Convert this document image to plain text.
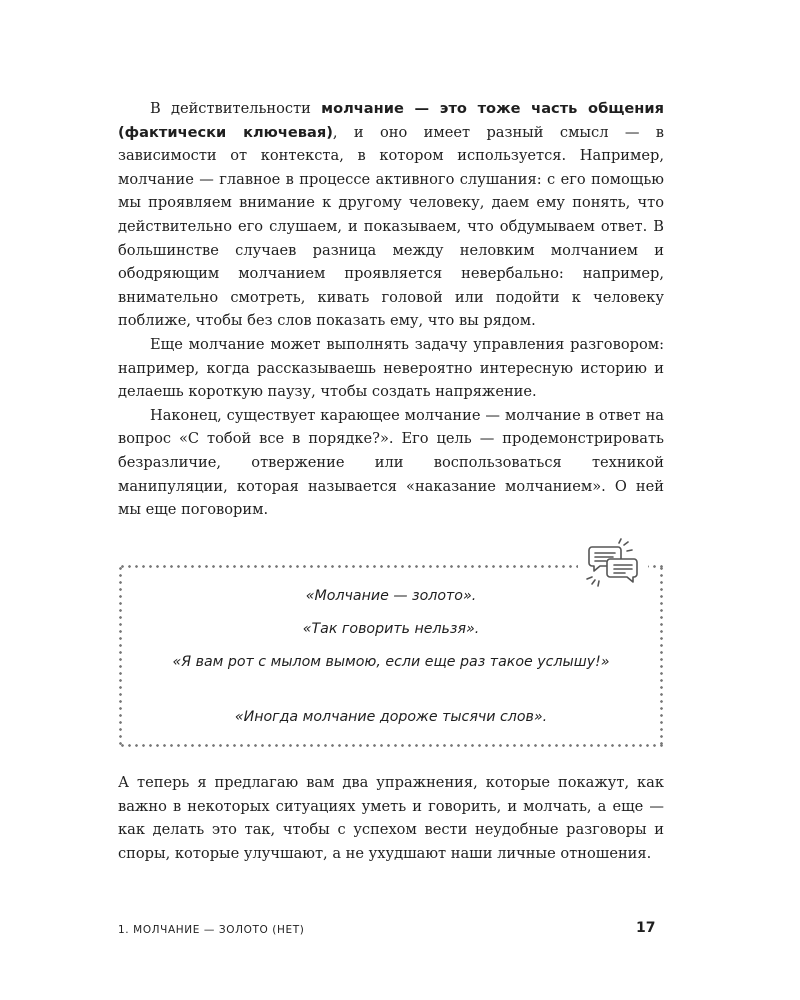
В действительности молчание — это тоже часть общения (фактически ключевая), и оно имеет разный смысл — в зависимости от контекста, в котором используется. Например, молчание — главное в процессе активного слушания: с его помощью мы проявляем внимание к другому человеку, даем ему понять, что действительно его слушаем, и показываем, что обдумываем ответ. В большинстве случаев разница между неловким молчанием и ободряющим молчанием проявляется невербально: например, внимательно смотреть, кивать головой или подойти к человеку поближе, чтобы без слов показать ему, что вы рядом.

Еще молчание может выполнять задачу управления разговором: например, когда рассказываешь невероятно интересную историю и делаешь короткую паузу, чтобы создать напряжение.

Наконец, существует карающее молчание — молчание в ответ на вопрос «С тобой все в порядке?». Его цель — продемонстрировать безразличие, отвержение или воспользоваться техникой манипуляции, которая называется «наказание молчанием». О ней мы еще поговорим.

«Молчание — золото».
«Так говорить нельзя».
«Я вам рот с мылом вымою, если еще раз такое услышу!»
«Иногда молчание дороже тысячи слов».

А теперь я предлагаю вам два упражнения, которые покажут, как важно в некоторых ситуациях уметь и говорить, и молчать, а еще — как делать это так, чтобы с успехом вести неудобные разговоры и споры, которые улучшают, а не ухудшают наши личные отношения.

1. МОЛЧАНИЕ — ЗОЛОТО (НЕТ)	17
